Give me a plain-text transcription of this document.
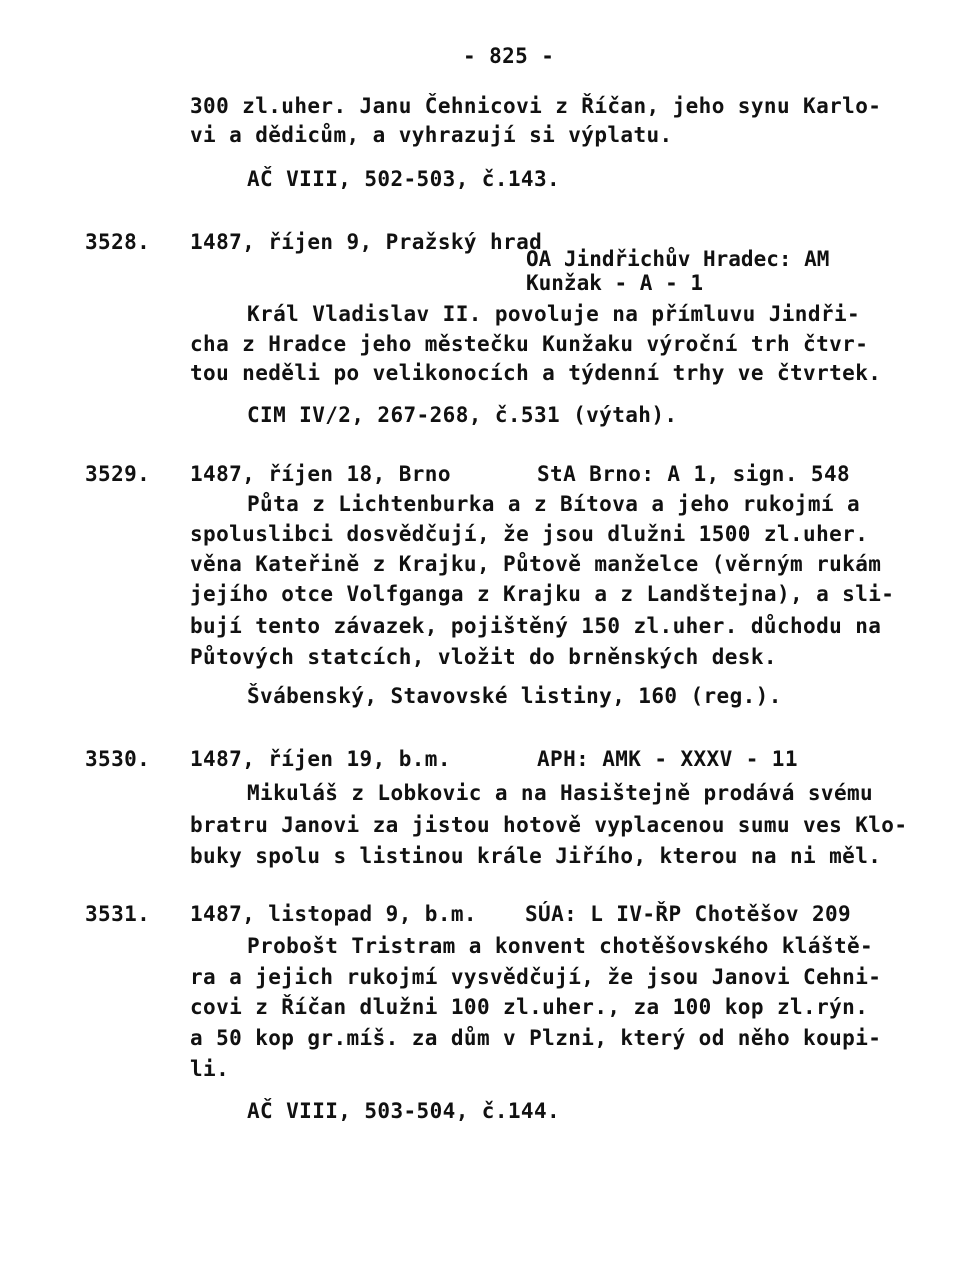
- 825 -
300 zl.uher. Janu Čehnicovi z Říčan, jeho synu Karlo-
vi a dědicům, a vyhrazují si výplatu.
AČ VIII, 502-503, č.143.
3528. 1487, říjen 9, Pražský hrad
OA Jindřichův Hradec: AM
Kunžak - A - 1
Král Vladislav II. povoluje na přímluvu Jindři-
cha z Hradce jeho městečku Kunžaku výroční trh čtvr-
tou neděli po velikonocích a týdenní trhy ve čtvrtek.
CIM IV/2, 267-268, č.531 (výtah).
3529. 1487, říjen 18, Brno	StA Brno: A 1, sign. 548
Půta z Lichtenburka a z Bítova a jeho rukojmí a
spoluslibci dosvědčují, že jsou dlužni 1500 zl.uher.
věna Kateřině z Krajku, Půtově manželce (věrným rukám
jejího otce Volfganga z Krajku a z Landštejna), a sli-
bují tento závazek, pojištěný 150 zl.uher. důchodu na
Půtových statcích, vložit do brněnských desk.
Švábenský, Stavovské listiny, 160 (reg.).
3530. 1487, říjen 19, b.m.	APH: AMK - XXXV - 11
Mikuláš z Lobkovic a na Hasištejně prodává svému
bratru Janovi za jistou hotově vyplacenou sumu ves Klo-
buky spolu s listinou krále Jiřího, kterou na ni měl.
3531. 1487, listopad 9, b.m. SÚA: L IV-ŘP Chotěšov 209
Probošt Tristram a konvent chotěšovského kláště-
ra a jejich rukojmí vysvědčují, že jsou Janovi Cehni-
covi z Říčan dlužni 100 zl.uher., za 100 kop zl.rýn.
a 50 kop gr.míš. za dům v Plzni, který od něho koupi-
li.
AČ VIII, 503-504, č.144.
